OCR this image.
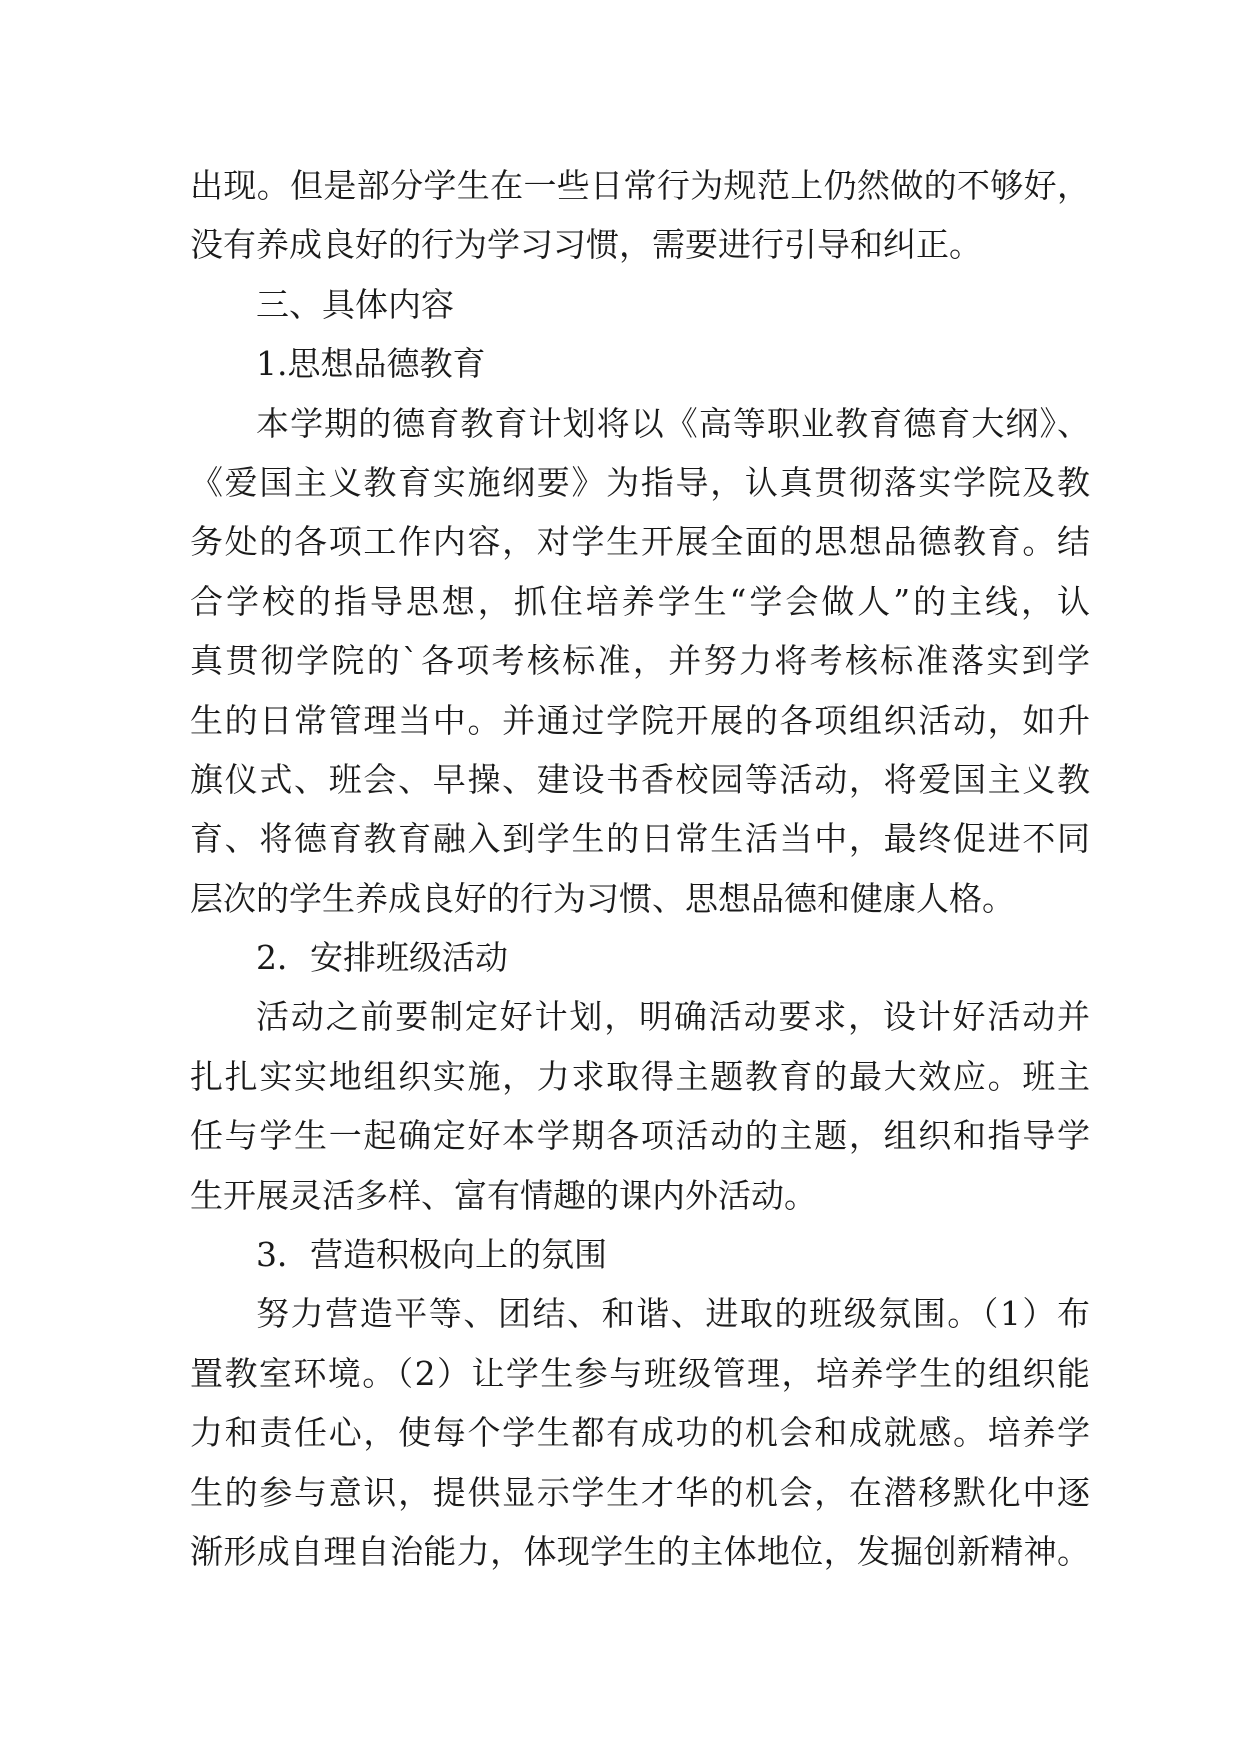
出现。但是部分学生在一些日常行为规范上仍然做的不够好，
没有养成良好的行为学习习惯，需要进行引导和纠正。
三、具体内容
1.思想品德教育
本学期的德育教育计划将以《高等职业教育德育大纲》、
《爱国主义教育实施纲要》为指导，认真贯彻落实学院及教
务处的各项工作内容，对学生开展全面的思想品德教育。结
合学校的指导思想，抓住培养学生“学会做人”的主线，认
真贯彻学院的`各项考核标准，并努力将考核标准落实到学
生的日常管理当中。并通过学院开展的各项组织活动，如升
旗仪式、班会、早操、建设书香校园等活动，将爱国主义教
育、将德育教育融入到学生的日常生活当中，最终促进不同
层次的学生养成良好的行为习惯、思想品德和健康人格。
2．安排班级活动
活动之前要制定好计划，明确活动要求，设计好活动并
扎扎实实地组织实施，力求取得主题教育的最大效应。班主
任与学生一起确定好本学期各项活动的主题，组织和指导学
生开展灵活多样、富有情趣的课内外活动。
3．营造积极向上的氛围
努力营造平等、团结、和谐、进取的班级氛围。（1）布
置教室环境。（2）让学生参与班级管理，培养学生的组织能
力和责任心，使每个学生都有成功的机会和成就感。培养学
生的参与意识，提供显示学生才华的机会，在潜移默化中逐
渐形成自理自治能力，体现学生的主体地位，发掘创新精神。
